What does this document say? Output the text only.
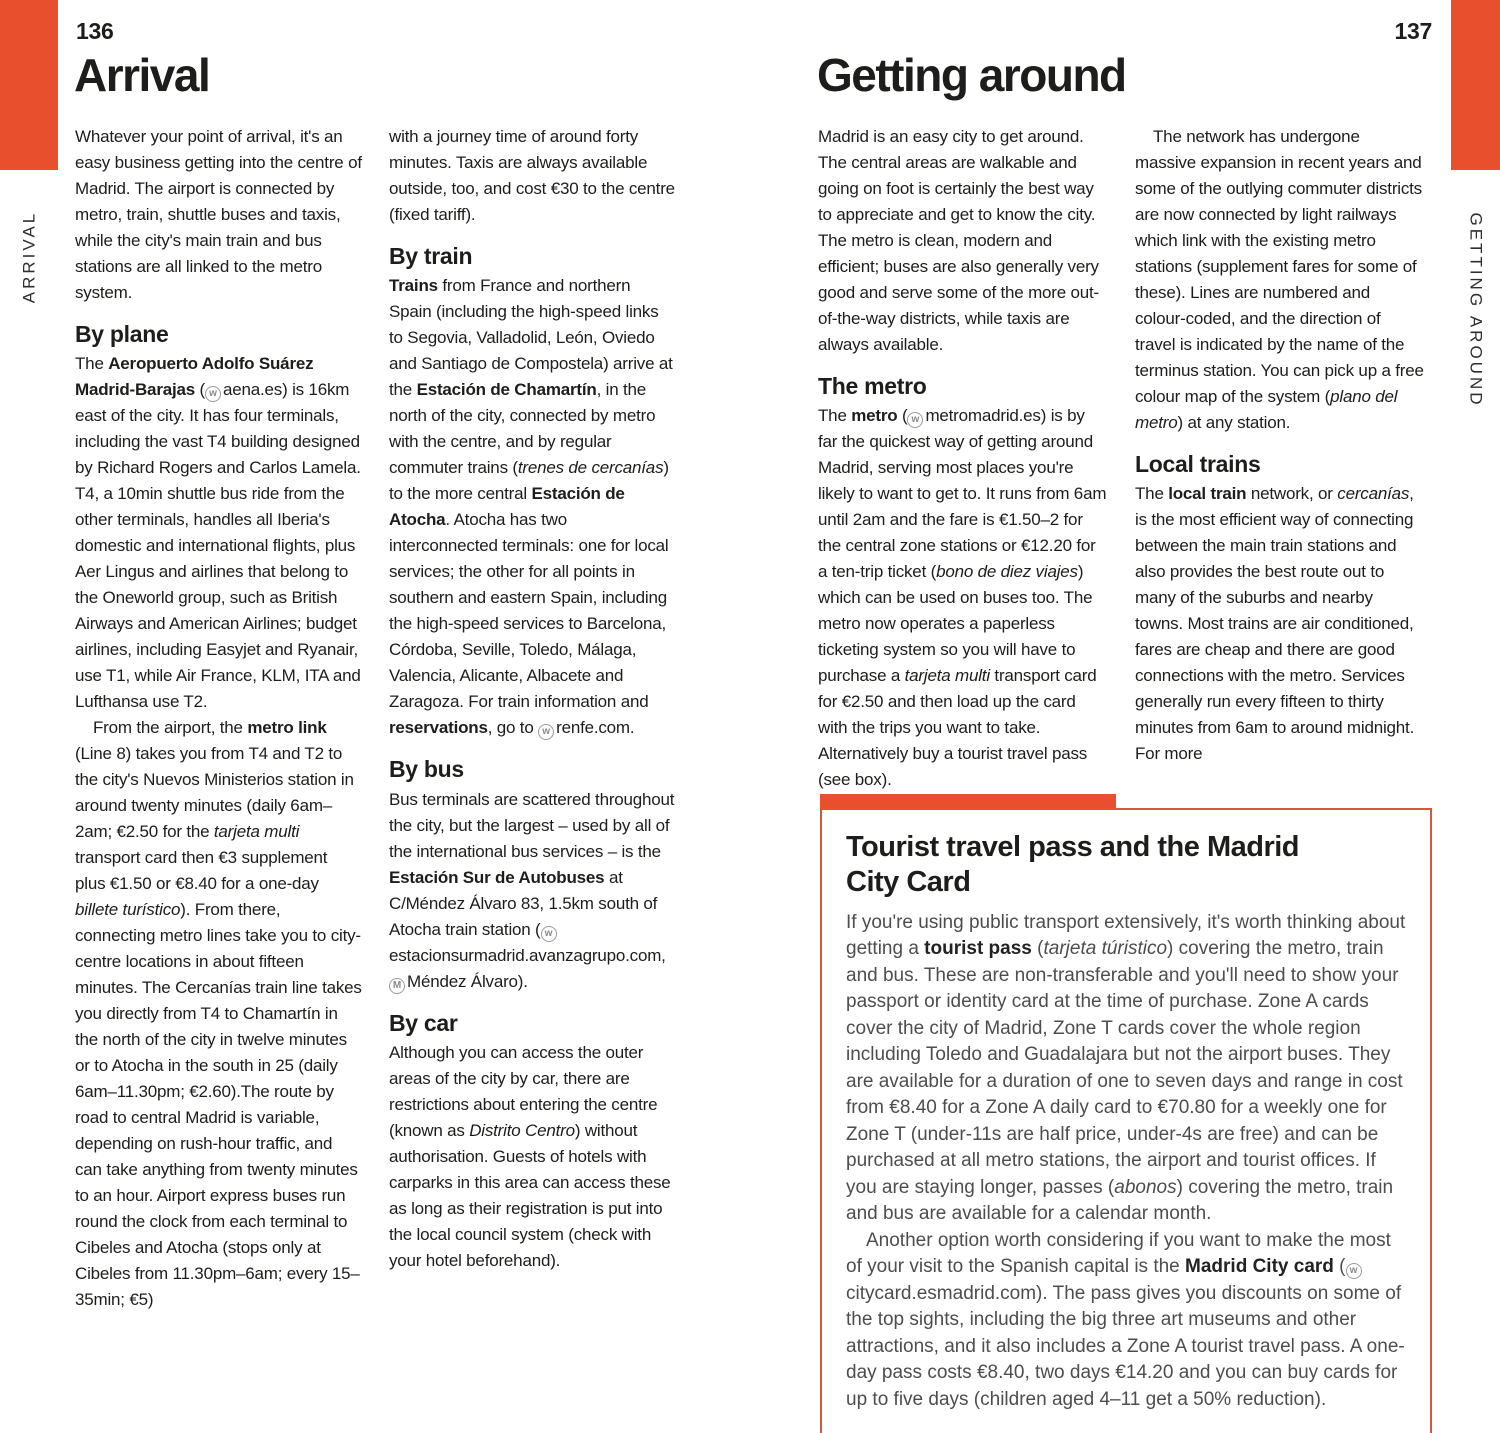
ARRIVAL	GETTING AROUND
136	137
Arrival	Getting around
Whatever your point of arrival, it's an easy business getting into the centre of Madrid. The airport is connected by metro, train, shuttle buses and taxis, while the city's main train and bus stations are all linked to the metro system.
By plane
The Aeropuerto Adolfo Suárez Madrid-Barajas ( w aena.es) is 16km east of the city. It has four terminals, including the vast T4 building designed by Richard Rogers and Carlos Lamela. T4, a 10min shuttle bus ride from the other terminals, handles all Iberia's domestic and international flights, plus Aer Lingus and airlines that belong to the Oneworld group, such as British Airways and American Airlines; budget airlines, including Easyjet and Ryanair, use T1, while Air France, KLM, ITA and Lufthansa use T2.
From the airport, the metro link (Line 8) takes you from T4 and T2 to the city's Nuevos Ministerios station in around twenty minutes (daily 6am–2am; €2.50 for the tarjeta multi transport card then €3 supplement plus €1.50 or €8.40 for a one-day billete turístico). From there, connecting metro lines take you to city-centre locations in about fifteen minutes. The Cercanías train line takes you directly from T4 to Chamartín in the north of the city in twelve minutes or to Atocha in the south in 25 (daily 6am–11.30pm; €2.60).The route by road to central Madrid is variable, depending on rush-hour traffic, and can take anything from twenty minutes to an hour. Airport express buses run round the clock from each terminal to Cibeles and Atocha (stops only at Cibeles from 11.30pm–6am; every 15–35min; €5)
with a journey time of around forty minutes. Taxis are always available outside, too, and cost €30 to the centre (fixed tariff).
By train
Trains from France and northern Spain (including the high-speed links to Segovia, Valladolid, León, Oviedo and Santiago de Compostela) arrive at the Estación de Chamartín, in the north of the city, connected by metro with the centre, and by regular commuter trains (trenes de cercanías) to the more central Estación de Atocha. Atocha has two interconnected terminals: one for local services; the other for all points in southern and eastern Spain, including the high-speed services to Barcelona, Córdoba, Seville, Toledo, Málaga, Valencia, Alicante, Albacete and Zaragoza. For train information and reservations, go to w renfe.com.
By bus
Bus terminals are scattered throughout the city, but the largest – used by all of the international bus services – is the Estación Sur de Autobuses at C/Méndez Álvaro 83, 1.5km south of Atocha train station ( westacionsurmadrid.avanzagrupo.com, M Méndez Álvaro).
By car
Although you can access the outer areas of the city by car, there are restrictions about entering the centre (known as Distrito Centro) without authorisation. Guests of hotels with carparks in this area can access these as long as their registration is put into the local council system (check with your hotel beforehand).
Madrid is an easy city to get around. The central areas are walkable and going on foot is certainly the best way to appreciate and get to know the city. The metro is clean, modern and efficient; buses are also generally very good and serve some of the more out-of-the-way districts, while taxis are always available.
The metro
The metro ( w metromadrid.es) is by far the quickest way of getting around Madrid, serving most places you're likely to want to get to. It runs from 6am until 2am and the fare is €1.50–2 for the central zone stations or €12.20 for a ten-trip ticket (bono de diez viajes) which can be used on buses too. The metro now operates a paperless ticketing system so you will have to purchase a tarjeta multi transport card for €2.50 and then load up the card with the trips you want to take. Alternatively buy a tourist travel pass (see box).
The network has undergone massive expansion in recent years and some of the outlying commuter districts are now connected by light railways which link with the existing metro stations (supplement fares for some of these). Lines are numbered and colour-coded, and the direction of travel is indicated by the name of the terminus station. You can pick up a free colour map of the system (plano del metro) at any station.
Local trains
The local train network, or cercanías, is the most efficient way of connecting between the main train stations and also provides the best route out to many of the suburbs and nearby towns. Most trains are air conditioned, fares are cheap and there are good connections with the metro. Services generally run every fifteen to thirty minutes from 6am to around midnight. For more
Tourist travel pass and the Madrid City Card
If you're using public transport extensively, it's worth thinking about getting a tourist pass (tarjeta túristico) covering the metro, train and bus. These are non-transferable and you'll need to show your passport or identity card at the time of purchase. Zone A cards cover the city of Madrid, Zone T cards cover the whole region including Toledo and Guadalajara but not the airport buses. They are available for a duration of one to seven days and range in cost from €8.40 for a Zone A daily card to €70.80 for a weekly one for Zone T (under-11s are half price, under-4s are free) and can be purchased at all metro stations, the airport and tourist offices. If you are staying longer, passes (abonos) covering the metro, train and bus are available for a calendar month.
Another option worth considering if you want to make the most of your visit to the Spanish capital is the Madrid City card ( wcitycard.esmadrid.com). The pass gives you discounts on some of the top sights, including the big three art museums and other attractions, and it also includes a Zone A tourist travel pass. A one-day pass costs €8.40, two days €14.20 and you can buy cards for up to five days (children aged 4–11 get a 50% reduction).
